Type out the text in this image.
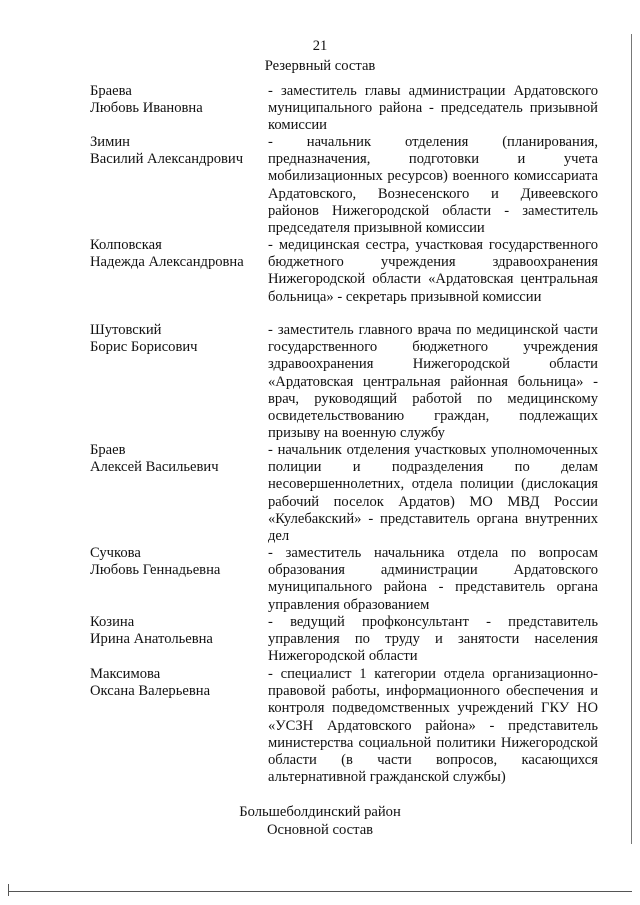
21
Резервный состав
Браева
Любовь Ивановна
- заместитель главы администрации Ардатовского муниципального района - председатель призывной комиссии
Зимин
Василий Александрович
- начальник отделения (планирования, предназначения, подготовки и учета мобилизационных ресурсов) военного комиссариата Ардатовского, Вознесенского и Дивеевского районов Нижегородской области - заместитель председателя призывной комиссии
Колповская
Надежда Александровна
- медицинская сестра, участковая государственного бюджетного учреждения здравоохранения Нижегородской области «Ардатовская центральная больница» - секретарь призывной комиссии
Шутовский
Борис Борисович
- заместитель главного врача по медицинской части государственного бюджетного учреждения здравоохранения Нижегородской области «Ардатовская центральная районная больница» - врач, руководящий работой по медицинскому освидетельствованию граждан, подлежащих призыву на военную службу
Браев
Алексей Васильевич
- начальник отделения участковых уполномоченных полиции и подразделения по делам несовершеннолетних, отдела полиции (дислокация рабочий поселок Ардатов) МО МВД России «Кулебакский» - представитель органа внутренних дел
Сучкова
Любовь Геннадьевна
- заместитель начальника отдела по вопросам образования администрации Ардатовского муниципального района - представитель органа управления образованием
Козина
Ирина Анатольевна
- ведущий профконсультант - представитель управления по труду и занятости населения Нижегородской области
Максимова
Оксана Валерьевна
- специалист 1 категории отдела организационно-правовой работы, информационного обеспечения и контроля подведомственных учреждений ГКУ НО «УСЗН Ардатовского района» - представитель министерства социальной политики Нижегородской области (в части вопросов, касающихся альтернативной гражданской службы)
Большеболдинский район
Основной состав
